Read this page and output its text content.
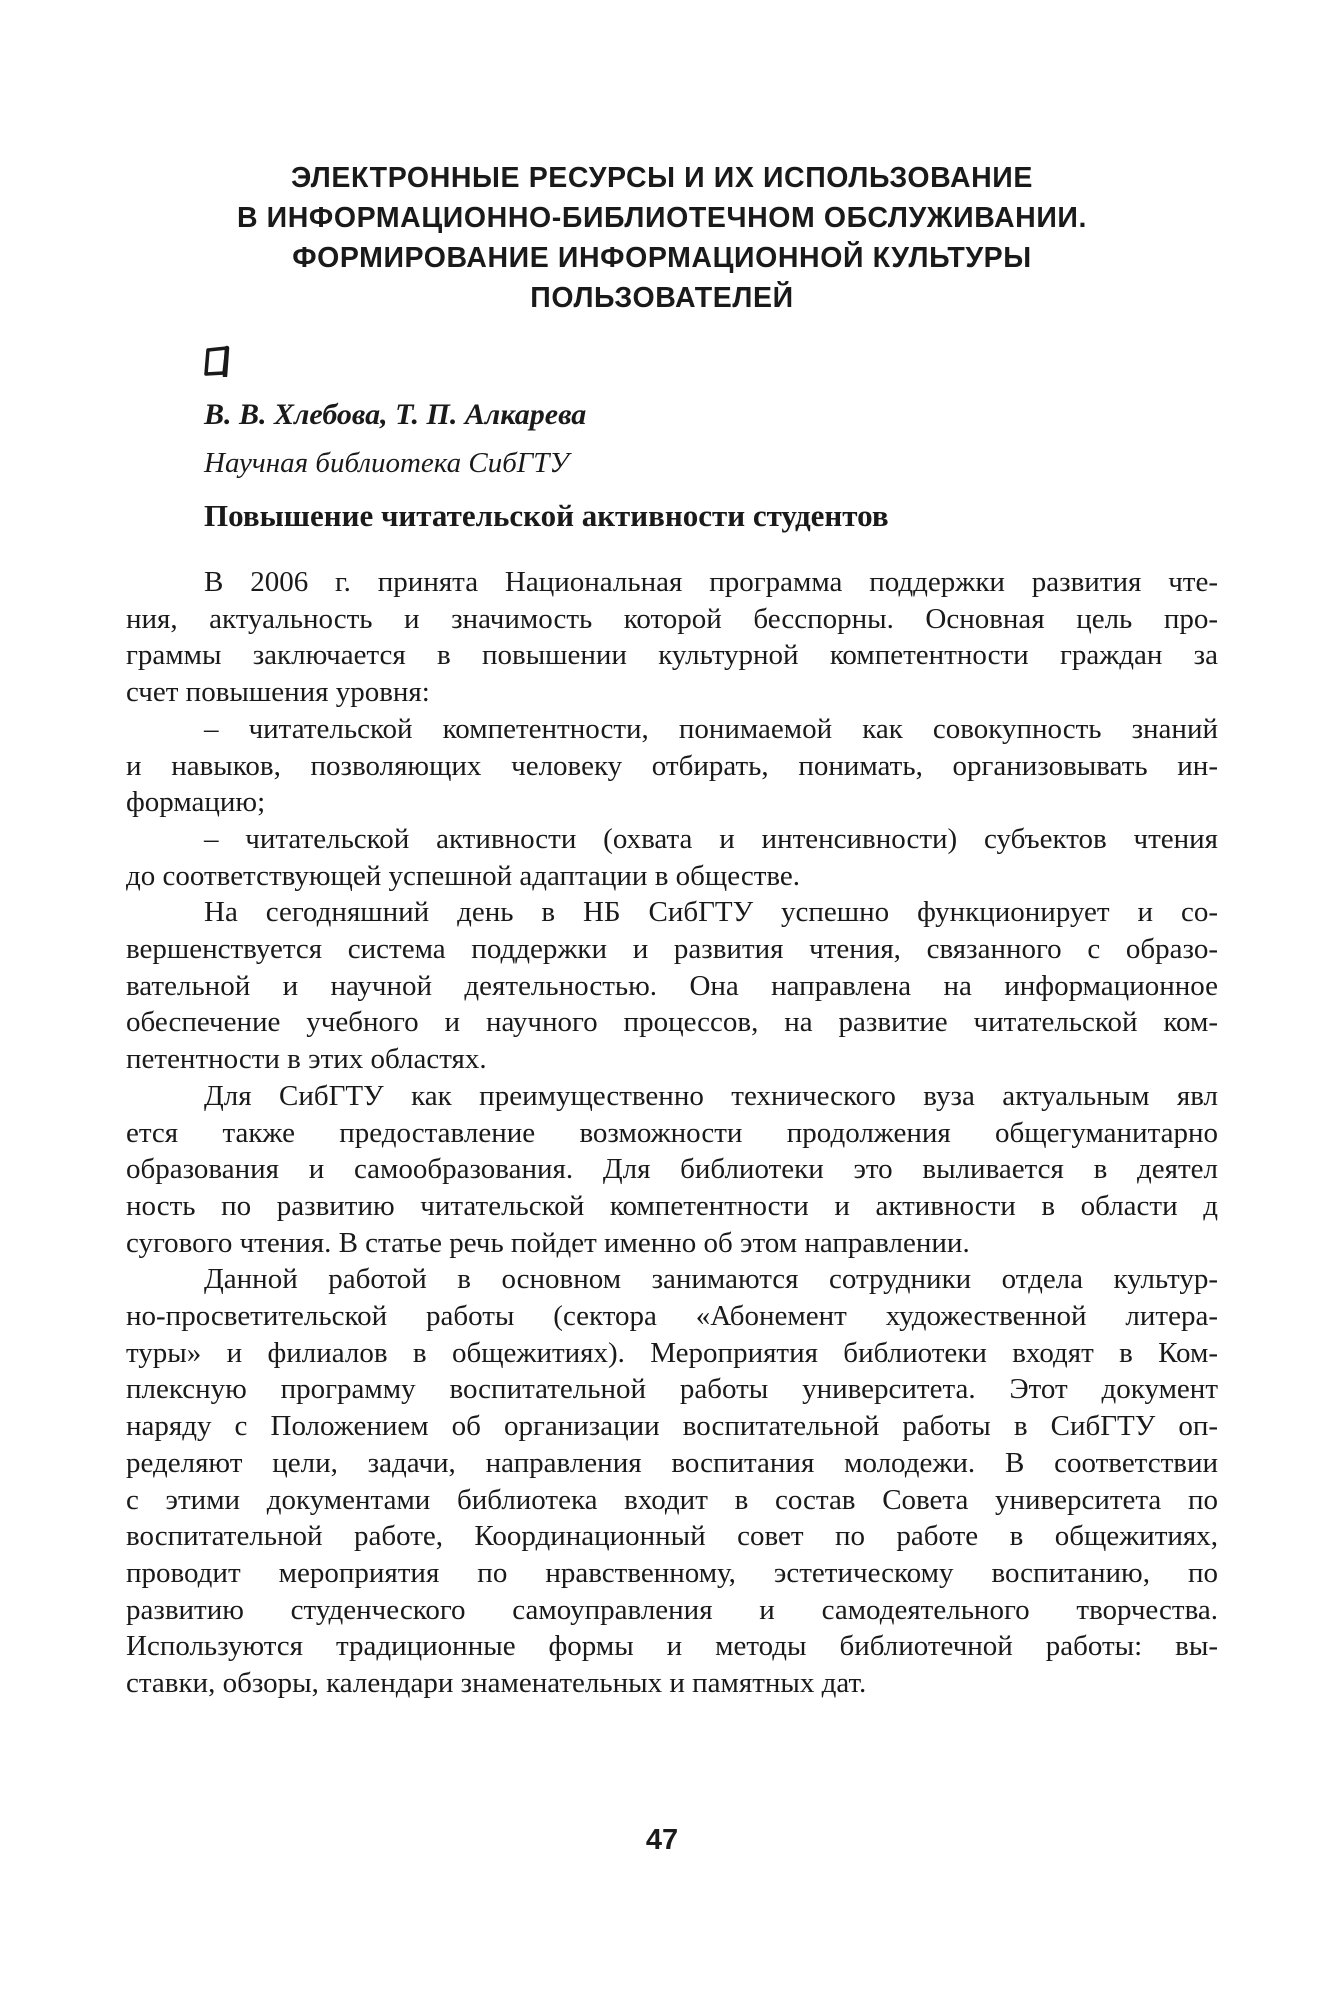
ЭЛЕКТРОННЫЕ РЕСУРСЫ И ИХ ИСПОЛЬЗОВАНИЕ
В ИНФОРМАЦИОННО-БИБЛИОТЕЧНОМ ОБСЛУЖИВАНИИ.
ФОРМИРОВАНИЕ ИНФОРМАЦИОННОЙ КУЛЬТУРЫ
ПОЛЬЗОВАТЕЛЕЙ
В. В. Хлебова, Т. П. Алкарева
Научная библиотека СибГТУ
Повышение читательской активности студентов
В 2006 г. принята Национальная программа поддержки развития чте-
ния, актуальность и значимость которой бесспорны. Основная цель про-
граммы заключается в повышении культурной компетентности граждан за
счет повышения уровня:
– читательской компетентности, понимаемой как совокупность знаний
и навыков, позволяющих человеку отбирать, понимать, организовывать ин-
формацию;
– читательской активности (охвата и интенсивности) субъектов чтения
до соответствующей успешной адаптации в обществе.
На сегодняшний день в НБ СибГТУ успешно функционирует и со-
вершенствуется система поддержки и развития чтения, связанного с образо-
вательной и научной деятельностью. Она направлена на информационное
обеспечение учебного и научного процессов, на развитие читательской ком-
петентности в этих областях.
Для СибГТУ как преимущественно технического вуза актуальным явл
ется также предоставление возможности продолжения общегуманитарно
образования и самообразования. Для библиотеки это выливается в деятел
ность по развитию читательской компетентности и активности в области д
сугового чтения. В статье речь пойдет именно об этом направлении.
Данной работой в основном занимаются сотрудники отдела культур-
но-просветительской работы (сектора «Абонемент художественной литера-
туры» и филиалов в общежитиях). Мероприятия библиотеки входят в Ком-
плексную программу воспитательной работы университета. Этот документ
наряду с Положением об организации воспитательной работы в СибГТУ оп-
ределяют цели, задачи, направления воспитания молодежи. В соответствии
с этими документами библиотека входит в состав Совета университета по
воспитательной работе, Координационный совет по работе в общежитиях,
проводит мероприятия по нравственному, эстетическому воспитанию, по
развитию студенческого самоуправления и самодеятельного творчества.
Используются традиционные формы и методы библиотечной работы: вы-
ставки, обзоры, календари знаменательных и памятных дат.
47
